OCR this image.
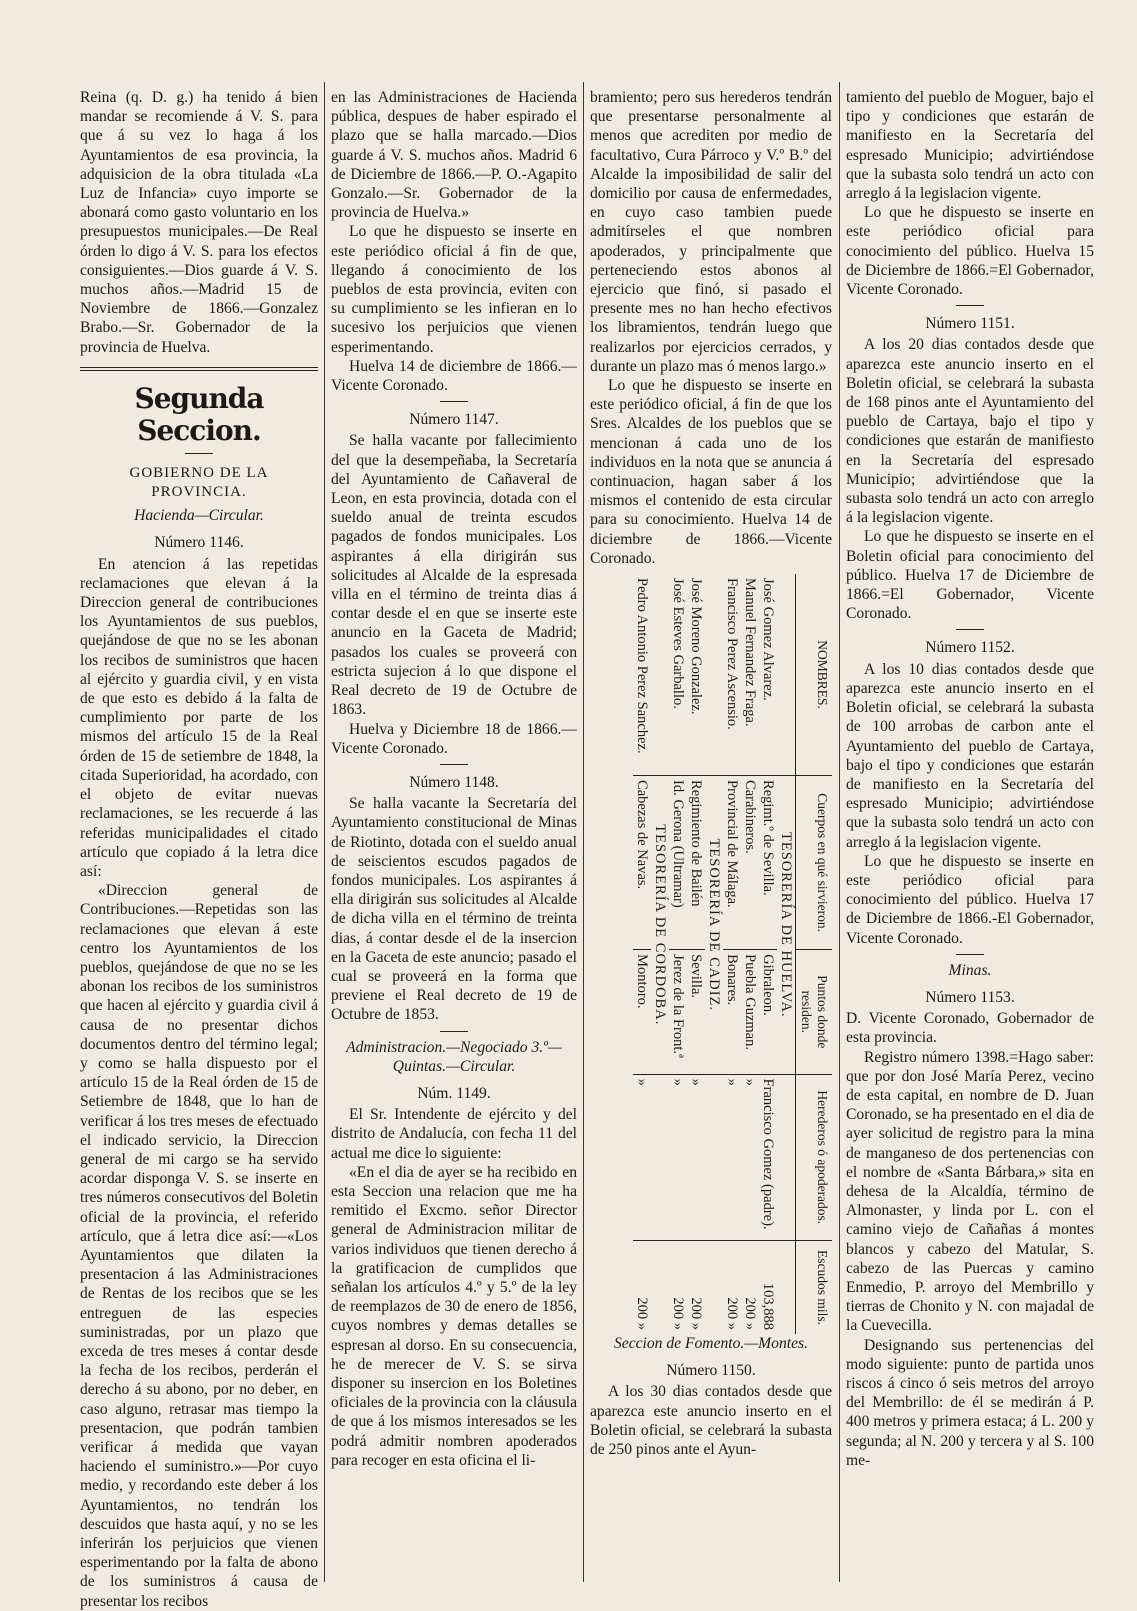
Reina (q. D. g.) ha tenido á bien mandar se recomiende á V. S. para que á su vez lo haga á los Ayuntamientos de esa provincia, la adquisicion de la obra titulada «La Luz de Infancia» cuyo importe se abonará como gasto voluntario en los presupuestos municipales.—De Real órden lo digo á V. S. para los efectos consiguientes.—Dios guarde á V. S. muchos años.—Madrid 15 de Noviembre de 1866.—Gonzalez Brabo.—Sr. Gobernador de la provincia de Huelva.

Segunda Seccion.
GOBIERNO DE LA PROVINCIA.
Hacienda—Circular.
Número 1146.

En atencion á las repetidas reclamaciones que elevan á la Direccion general de contribuciones los Ayuntamientos de sus pueblos, quejándose de que no se les abonan los recibos de suministros que hacen al ejército y guardia civil, y en vista de que esto es debido á la falta de cumplimiento por parte de los mismos del artículo 15 de la Real órden de 15 de setiembre de 1848, la citada Superioridad, ha acordado, con el objeto de evitar nuevas reclamaciones, se les recuerde á las referidas municipalidades el citado artículo que copiado á la letra dice así:

«Direccion general de Contribuciones.—Repetidas son las reclamaciones que elevan á este centro los Ayuntamientos de los pueblos, quejándose de que no se les abonan los recibos de los suministros que hacen al ejército y guardia civil á causa de no presentar dichos documentos dentro del término legal; y como se halla dispuesto por el artículo 15 de la Real órden de 15 de Setiembre de 1848, que lo han de verificar á los tres meses de efectuado el indicado servicio, la Direccion general de mi cargo se ha servido acordar disponga V. S. se inserte en tres números consecutivos del Boletin oficial de la provincia, el referido artículo, que á letra dice así:—«Los Ayuntamientos que dilaten la presentacion á las Administraciones de Rentas de los recibos que se les entreguen de las especies suministradas, por un plazo que exceda de tres meses á contar desde la fecha de los recibos, perderán el derecho á su abono, por no deber, en caso alguno, retrasar mas tiempo la presentacion, que podrán tambien verificar á medida que vayan haciendo el suministro.»—Por cuyo medio, y recordando este deber á los Ayuntamientos, no tendrán los descuidos que hasta aquí, y no se les inferirán los perjuicios que vienen esperimentando por la falta de abono de los suministros á causa de presentar los recibos

en las Administraciones de Hacienda pública, despues de haber espirado el plazo que se halla marcado.—Dios guarde á V. S. muchos años. Madrid 6 de Diciembre de 1866.—P. O.-Agapito Gonzalo.—Sr. Gobernador de la provincia de Huelva.»

Lo que he dispuesto se inserte en este periódico oficial á fin de que, llegando á conocimiento de los pueblos de esta provincia, eviten con su cumplimiento se les infieran en lo sucesivo los perjuicios que vienen esperimentando.

Huelva 14 de diciembre de 1866.—Vicente Coronado.

Número 1147.

Se halla vacante por fallecimiento del que la desempeñaba, la Secretaría del Ayuntamiento de Cañaveral de Leon, en esta provincia, dotada con el sueldo anual de treinta escudos pagados de fondos municipales. Los aspirantes á ella dirigirán sus solicitudes al Alcalde de la espresada villa en el término de treinta dias á contar desde el en que se inserte este anuncio en la Gaceta de Madrid; pasados los cuales se proveerá con estricta sujecion á lo que dispone el Real decreto de 19 de Octubre de 1863.

Huelva y Diciembre 18 de 1866.—Vicente Coronado.

Número 1148.

Se halla vacante la Secretaría del Ayuntamiento constitucional de Minas de Riotinto, dotada con el sueldo anual de seiscientos escudos pagados de fondos municipales. Los aspirantes á ella dirigirán sus solicitudes al Alcalde de dicha villa en el término de treinta dias, á contar desde el de la insercion en la Gaceta de este anuncio; pasado el cual se proveerá en la forma que previene el Real decreto de 19 de Octubre de 1853.

Administracion.—Negociado 3.º—Quintas.—Circular.
Núm. 1149.

El Sr. Intendente de ejército y del distrito de Andalucía, con fecha 11 del actual me dice lo siguiente:

«En el dia de ayer se ha recibido en esta Seccion una relacion que me ha remitido el Excmo. señor Director general de Administracion militar de varios individuos que tienen derecho á la gratificacion de cumplidos que señalan los artículos 4.º y 5.º de la ley de reemplazos de 30 de enero de 1856, cuyos nombres y demas detalles se espresan al dorso. En su consecuencia, he de merecer de V. S. se sirva disponer su insercion en los Boletines oficiales de la provincia con la cláusula de que á los mismos interesados se les podrá admitir nombren apoderados para recoger en esta oficina el li-

bramiento; pero sus herederos tendrán que presentarse personalmente al menos que acrediten por medio de facultativo, Cura Párroco y V.º B.º del Alcalde la imposibilidad de salir del domicilio por causa de enfermedades, en cuyo caso tambien puede admitírseles el que nombren apoderados, y principalmente que perteneciendo estos abonos al ejercicio que finó, si pasado el presente mes no han hecho efectivos los libramientos, tendrán luego que realizarlos por ejercicios cerrados, y durante un plazo mas ó menos largo.»

Lo que he dispuesto se inserte en este periódico oficial, á fin de que los Sres. Alcaldes de los pueblos que se mencionan á cada uno de los individuos en la nota que se anuncia á continuacion, hagan saber á los mismos el contenido de esta circular para su conocimiento. Huelva 14 de diciembre de 1866.—Vicente Coronado.

NOMBRES.	Cuerpos en qué sirvieron.	Puntos donde residen.	Herederos ó apoderados.	Escudos mils.
	TESORERÍA DE HUELVA.			
José Gomez Alvarez.	Regimt.º de Sevilla.	Gibraleon.	Francisco Gomez (padre).	103,888
Manuel Fernandez Fraga.	Carabineros.	Puebla Guzman.	»	200 »
Francisco Perez Ascensio.	Provincial de Málaga.	Bonares.	»	200 »
	TESORERÍA DE CADIZ.			
José Moreno Gonzalez.	Regimiento de Bailén	Sevilla.	»	200 »
José Esteves Garballo.	Id. Gerona (Ultramar)	Jerez de la Front.ª	»	200 »
	TESORERÍA DE CORDOBA.			
Pedro Antonio Perez Sanchez.	Cabezas de Navas.	Montoro.	»	200 »
Seccion de Fomento.—Montes.
Número 1150.

A los 30 dias contados desde que aparezca este anuncio inserto en el Boletin oficial, se celebrará la subasta de 250 pinos ante el Ayun-

tamiento del pueblo de Moguer, bajo el tipo y condiciones que estarán de manifiesto en la Secretaría del espresado Municipio; advirtiéndose que la subasta solo tendrá un acto con arreglo á la legislacion vigente.

Lo que he dispuesto se inserte en este periódico oficial para conocimiento del público. Huelva 15 de Diciembre de 1866.=El Gobernador, Vicente Coronado.

Número 1151.

A los 20 dias contados desde que aparezca este anuncio inserto en el Boletin oficial, se celebrará la subasta de 168 pinos ante el Ayuntamiento del pueblo de Cartaya, bajo el tipo y condiciones que estarán de manifiesto en la Secretaría del espresado Municipio; advirtiéndose que la subasta solo tendrá un acto con arreglo á la legislacion vigente.

Lo que he dispuesto se inserte en el Boletin oficial para conocimiento del público. Huelva 17 de Diciembre de 1866.=El Gobernador, Vicente Coronado.

Número 1152.

A los 10 dias contados desde que aparezca este anuncio inserto en el Boletin oficial, se celebrará la subasta de 100 arrobas de carbon ante el Ayuntamiento del pueblo de Cartaya, bajo el tipo y condiciones que estarán de manifiesto en la Secretaría del espresado Municipio; advirtiéndose que la subasta solo tendrá un acto con arreglo á la legislacion vigente.

Lo que he dispuesto se inserte en este periódico oficial para conocimiento del público. Huelva 17 de Diciembre de 1866.-El Gobernador, Vicente Coronado.

Minas.
Número 1153.

D. Vicente Coronado, Gobernador de esta provincia.

Registro número 1398.=Hago saber: que por don José María Perez, vecino de esta capital, en nombre de D. Juan Coronado, se ha presentado en el dia de ayer solicitud de registro para la mina de manganeso de dos pertenencias con el nombre de «Santa Bárbara,» sita en dehesa de la Alcaldía, término de Almonaster, y linda por L. con el camino viejo de Cañañas á montes blancos y cabezo del Matular, S. cabezo de las Puercas y camino Enmedio, P. arroyo del Membrillo y tierras de Chonito y N. con majadal de la Cuevecilla.

Designando sus pertenencias del modo siguiente: punto de partida unos riscos á cinco ó seis metros del arroyo del Membrillo: de él se medirán á P. 400 metros y primera estaca; á L. 200 y segunda; al N. 200 y tercera y al S. 100 me-
